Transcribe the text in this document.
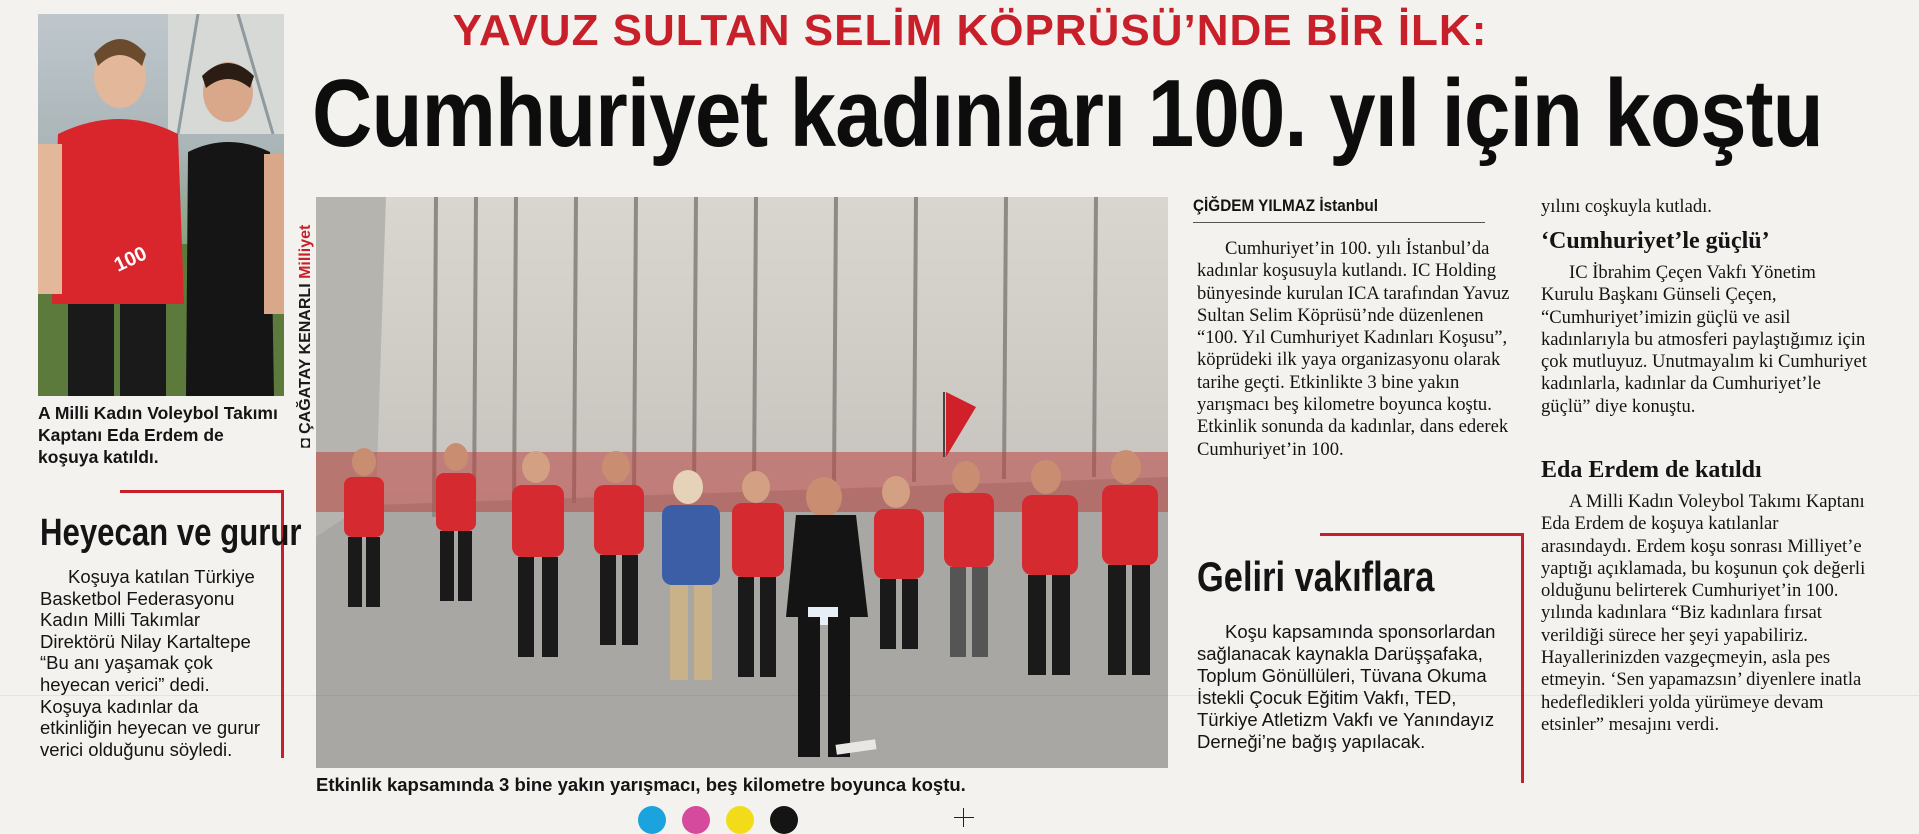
YAVUZ SULTAN SELİM KÖPRÜSÜ’NDE BİR İLK:
Cumhuriyet kadınları 100. yıl için koştu
100
A Milli Kadın Voleybol Takımı Kaptanı Eda Erdem de koşuya katıldı.
◘ ÇAĞATAY KENARLI Milliyet
Heyecan ve gurur
Koşuya katılan Türkiye Basketbol Federasyonu Kadın Milli Takımlar Direktörü Nilay Kartaltepe “Bu anı yaşamak çok heyecan verici” dedi. Koşuya kadınlar da etkinliğin heyecan ve gurur verici olduğunu söyledi.
Etkinlik kapsamında 3 bine yakın yarışmacı, beş kilometre boyunca koştu.
ÇİĞDEM YILMAZ İstanbul
Cumhuriyet’in 100. yılı İstanbul’da kadınlar koşusuyla kutlandı. IC Holding bünyesinde kurulan ICA tarafından Yavuz Sultan Selim Köprüsü’nde düzenlenen “100. Yıl Cumhuriyet Kadınları Koşusu”, köprüdeki ilk yaya organizasyonu olarak tarihe geçti. Etkinlikte 3 bine yakın yarışmacı beş kilometre boyunca koştu. Etkinlik sonunda da kadınlar, dans ederek Cumhuriyet’in 100.
Geliri vakıflara
Koşu kapsamında sponsorlardan sağlanacak kaynakla Darüşşafaka, Toplum Gönüllüleri, Tüvana Okuma İstekli Çocuk Eğitim Vakfı, TED, Türkiye Atletizm Vakfı ve Yanındayız Derneği’ne bağış yapılacak.
yılını coşkuyla kutladı.
‘Cumhuriyet’le güçlü’
IC İbrahim Çeçen Vakfı Yönetim Kurulu Başkanı Günseli Çeçen, “Cumhuriyet’imizin güçlü ve asil kadınlarıyla bu atmosferi paylaştığımız için çok mutluyuz. Unutmayalım ki Cumhuriyet kadınlarla, kadınlar da Cumhuriyet’le güçlü” diye konuştu.
Eda Erdem de katıldı
A Milli Kadın Voleybol Takımı Kaptanı Eda Erdem de koşuya katılanlar arasındaydı. Erdem koşu sonrası Milliyet’e yaptığı açıklamada, bu koşunun çok değerli olduğunu belirterek Cumhuriyet’in 100. yılında kadınlara “Biz kadınlara fırsat verildiği sürece her şeyi yapabiliriz. Hayallerinizden vazgeçmeyin, asla pes etmeyin. ‘Sen yapamazsın’ diyenlere inatla hedefledikleri yolda yürümeye devam etsinler” mesajını verdi.
